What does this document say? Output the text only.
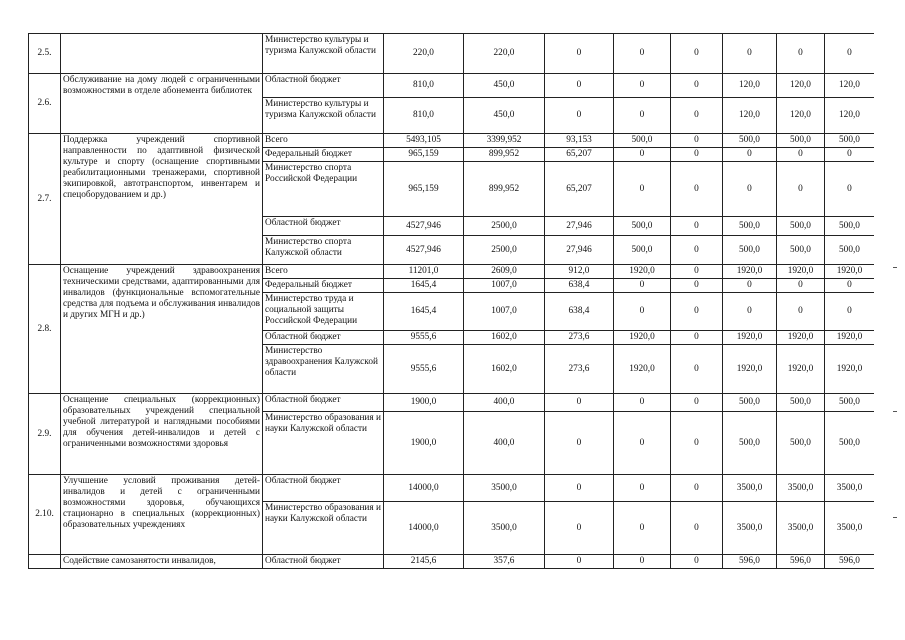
2.5.		Министерство культуры и туризма Калужской области	220,0	220,0	0	0	0	0	0	0
2.6.	Обслуживание на дому людей с ограниченными возможностями в отделе абонемента библиотек	Областной бюджет	810,0	450,0	0	0	0	120,0	120,0	120,0
		Министерство культуры и туризма Калужской области	810,0	450,0	0	0	0	120,0	120,0	120,0
2.7.	Поддержка учреждений спортивной направленности по адаптивной физической культуре и спорту (оснащение спортивными реабилитационными тренажерами, спортивной экипировкой, автотранспортом, инвентарем и спецоборудованием и др.)	Всего	5493,105	3399,952	93,153	500,0	0	500,0	500,0	500,0
		Федеральный бюджет	965,159	899,952	65,207	0	0	0	0	0
		Министерство спорта Российской Федерации	965,159	899,952	65,207	0	0	0	0	0
		Областной бюджет	4527,946	2500,0	27,946	500,0	0	500,0	500,0	500,0
		Министерство спорта Калужской области	4527,946	2500,0	27,946	500,0	0	500,0	500,0	500,0
2.8.	Оснащение учреждений здравоохранения техническими средствами, адаптированными для инвалидов (функциональные вспомогательные средства для подъема и обслуживания инвалидов и других МГН и др.)	Всего	11201,0	2609,0	912,0	1920,0	0	1920,0	1920,0	1920,0
		Федеральный бюджет	1645,4	1007,0	638,4	0	0	0	0	0
		Министерство труда и социальной защиты Российской Федерации	1645,4	1007,0	638,4	0	0	0	0	0
		Областной бюджет	9555,6	1602,0	273,6	1920,0	0	1920,0	1920,0	1920,0
		Министерство здравоохранения Калужской области	9555,6	1602,0	273,6	1920,0	0	1920,0	1920,0	1920,0
2.9.	Оснащение специальных (коррекционных) образовательных учреждений специальной учебной литературой и наглядными пособиями для обучения детей-инвалидов и детей с ограниченными возможностями здоровья	Областной бюджет	1900,0	400,0	0	0	0	500,0	500,0	500,0
		Министерство образования и науки Калужской области	1900,0	400,0	0	0	0	500,0	500,0	500,0
2.10.	Улучшение условий проживания детей-инвалидов и детей с ограниченными возможностями здоровья, обучающихся стационарно в специальных (коррекционных) образовательных учреждениях	Областной бюджет	14000,0	3500,0	0	0	0	3500,0	3500,0	3500,0
		Министерство образования и науки Калужской области	14000,0	3500,0	0	0	0	3500,0	3500,0	3500,0
	Содействие самозанятости инвалидов,	Областной бюджет	2145,6	357,6	0	0	0	596,0	596,0	596,0
